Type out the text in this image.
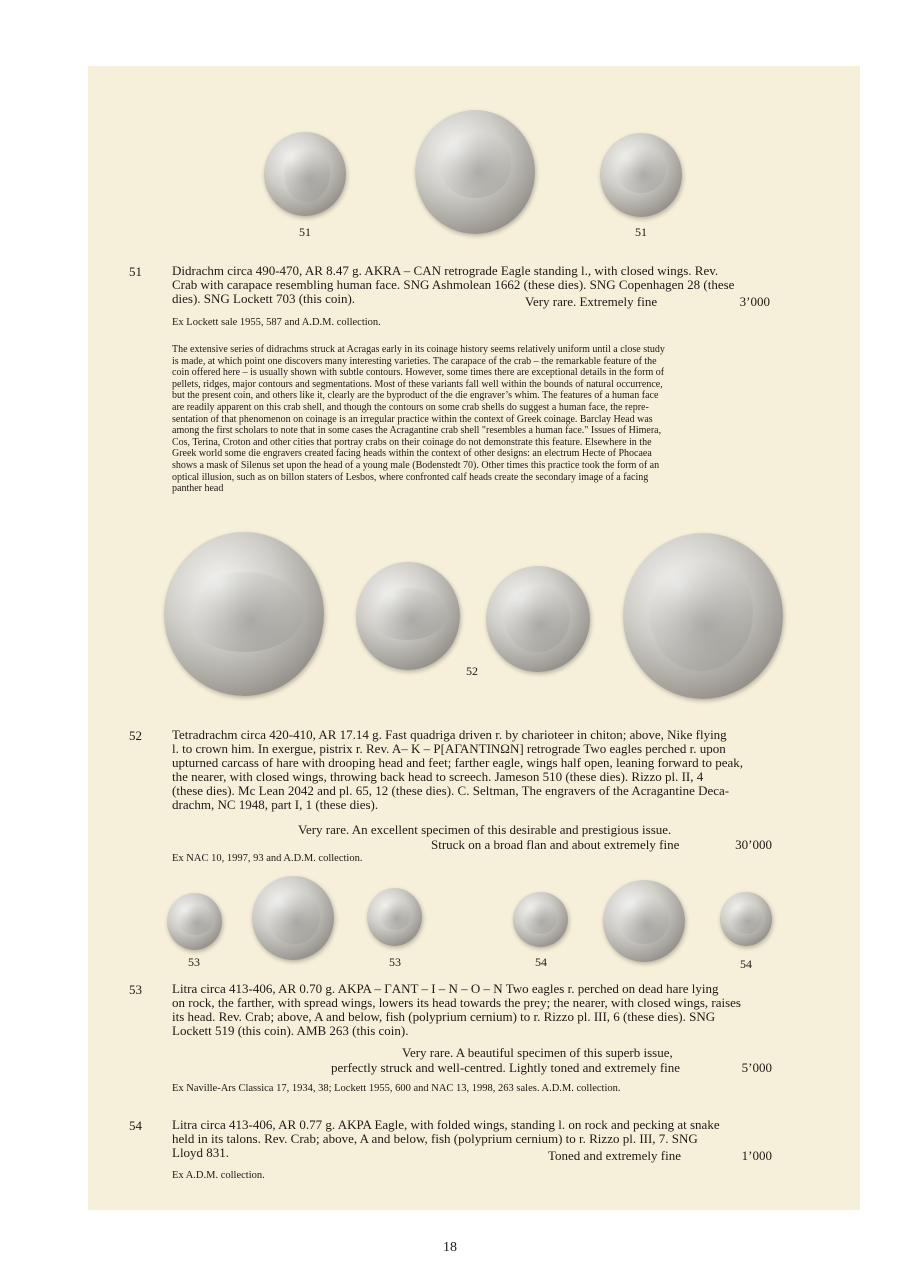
51	51
51 Didrachm circa 490-470, AR 8.47 g. AKRA – CAN retrograde Eagle standing l., with closed wings. Rev.
Crab with carapace resembling human face. SNG Ashmolean 1662 (these dies). SNG Copenhagen 28 (these
dies). SNG Lockett 703 (this coin).	Very rare. Extremely fine	3’000
Ex Lockett sale 1955, 587 and A.D.M. collection.
The extensive series of didrachms struck at Acragas early in its coinage history seems relatively uniform until a close study
is made, at which point one discovers many interesting varieties. The carapace of the crab – the remarkable feature of the
coin offered here – is usually shown with subtle contours. However, some times there are exceptional details in the form of
pellets, ridges, major contours and segmentations. Most of these variants fall well within the bounds of natural occurrence,
but the present coin, and others like it, clearly are the byproduct of the die engraver’s whim. The features of a human face
are readily apparent on this crab shell, and though the contours on some crab shells do suggest a human face, the repre-
sentation of that phenomenon on coinage is an irregular practice within the context of Greek coinage. Barclay Head was
among the first scholars to note that in some cases the Acragantine crab shell "resembles a human face." Issues of Himera,
Cos, Terina, Croton and other cities that portray crabs on their coinage do not demonstrate this feature. Elsewhere in the
Greek world some die engravers created facing heads within the context of other designs: an electrum Hecte of Phocaea
shows a mask of Silenus set upon the head of a young male (Bodenstedt 70). Other times this practice took the form of an
optical illusion, such as on billon staters of Lesbos, where confronted calf heads create the secondary image of a facing
panther head
52
52 Tetradrachm circa 420-410, AR 17.14 g. Fast quadriga driven r. by charioteer in chiton; above, Nike flying
l. to crown him. In exergue, pistrix r. Rev. A– K – P[ΑΓΑΝΤΙΝΩΝ] retrograde Two eagles perched r. upon
upturned carcass of hare with drooping head and feet; farther eagle, wings half open, leaning forward to peak,
the nearer, with closed wings, throwing back head to screech. Jameson 510 (these dies). Rizzo pl. II, 4
(these dies). Mc Lean 2042 and pl. 65, 12 (these dies). C. Seltman, The engravers of the Acragantine Deca-
drachm, NC 1948, part I, 1 (these dies).
Very rare. An excellent specimen of this desirable and prestigious issue.
Struck on a broad flan and about extremely fine	30’000
Ex NAC 10, 1997, 93 and A.D.M. collection.
53	53	54	54
53 Litra circa 413-406, AR 0.70 g. AKPA – ΓANT – I – N – O – N Two eagles r. perched on dead hare lying
on rock, the farther, with spread wings, lowers its head towards the prey; the nearer, with closed wings, raises
its head. Rev. Crab; above, A and below, fish (polyprium cernium) to r. Rizzo pl. III, 6 (these dies). SNG
Lockett 519 (this coin). AMB 263 (this coin).
Very rare. A beautiful specimen of this superb issue,
perfectly struck and well-centred. Lightly toned and extremely fine	5’000
Ex Naville-Ars Classica 17, 1934, 38; Lockett 1955, 600 and NAC 13, 1998, 263 sales. A.D.M. collection.
54 Litra circa 413-406, AR 0.77 g. AKPA Eagle, with folded wings, standing l. on rock and pecking at snake
held in its talons. Rev. Crab; above, A and below, fish (polyprium cernium) to r. Rizzo pl. III, 7. SNG
Lloyd 831.	Toned and extremely fine	1’000
Ex A.D.M. collection.
18
